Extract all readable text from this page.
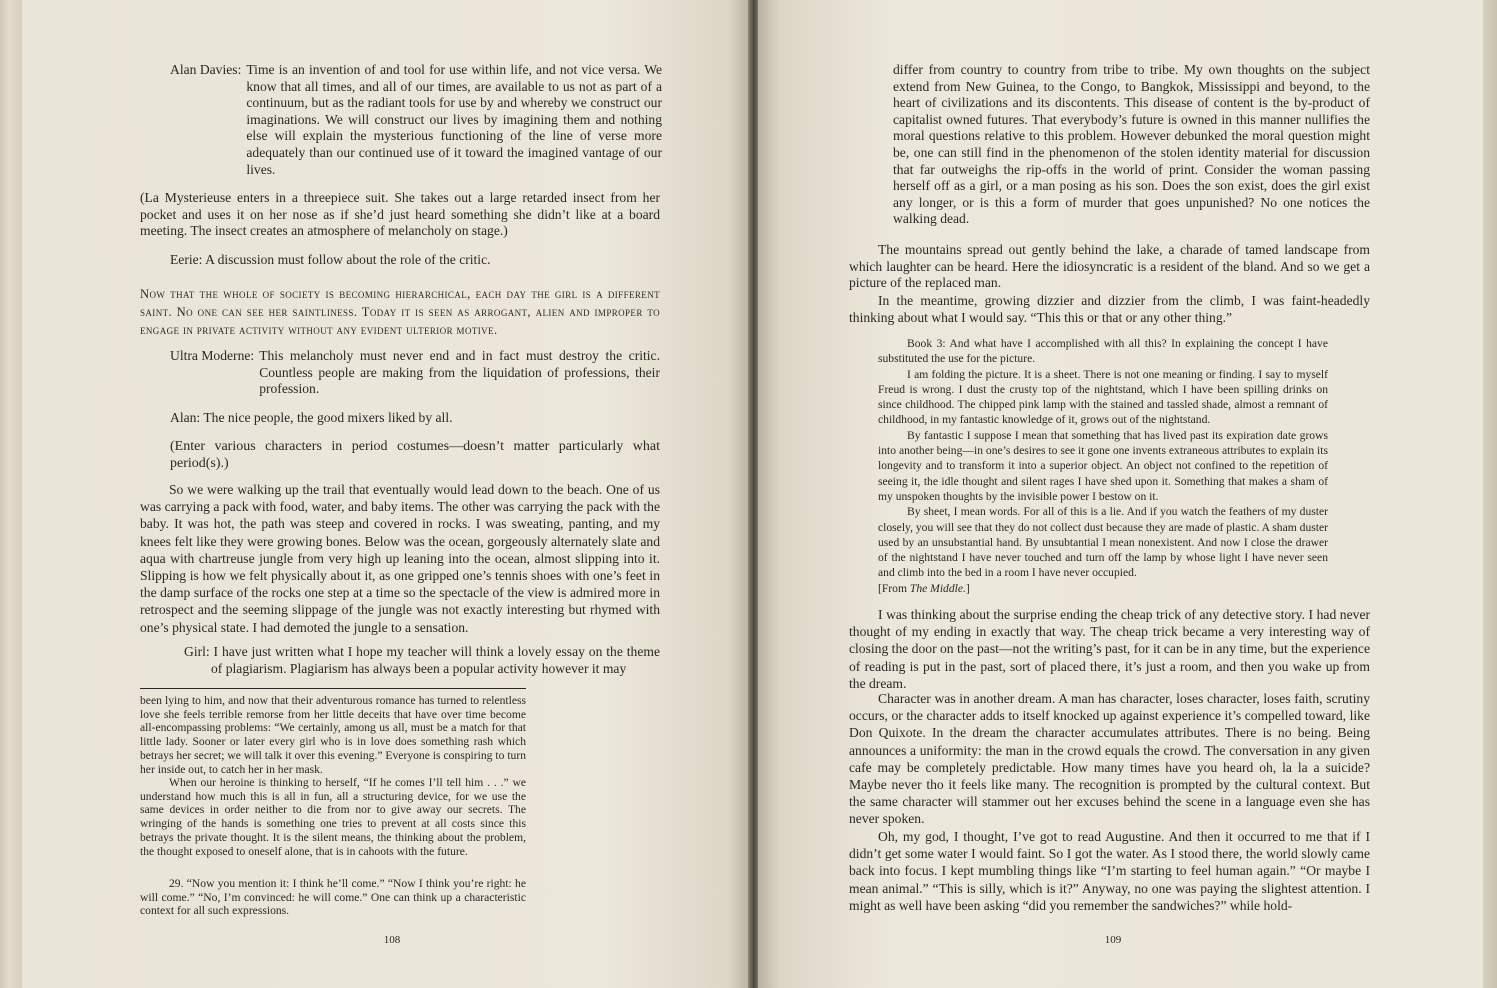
Alan Davies: Time is an invention of and tool for use within life, and not vice versa. We know that all times, and all of our times, are available to us not as part of a continuum, but as the radiant tools for use by and whereby we construct our imaginations. We will construct our lives by imagining them and nothing else will explain the mysterious functioning of the line of verse more adequately than our continued use of it toward the imagined vantage of our lives.

(La Mysterieuse enters in a threepiece suit. She takes out a large retarded insect from her pocket and uses it on her nose as if she’d just heard something she didn’t like at a board meeting. The insect creates an atmosphere of melancholy on stage.)

Eerie: A discussion must follow about the role of the critic.

Now that the whole of society is becoming hierarchical, each day the girl is a different saint. No one can see her saintliness. Today it is seen as arrogant, alien and improper to engage in private activity without any evident ulterior motive.

Ultra Moderne: This melancholy must never end and in fact must destroy the critic. Countless people are making from the liquidation of professions, their profession.

Alan: The nice people, the good mixers liked by all.

(Enter various characters in period costumes—doesn’t matter particularly what period(s).)

So we were walking up the trail that eventually would lead down to the beach. One of us was carrying a pack with food, water, and baby items. The other was carrying the pack with the baby. It was hot, the path was steep and covered in rocks. I was sweating, panting, and my knees felt like they were growing bones. Below was the ocean, gorgeously alternately slate and aqua with chartreuse jungle from very high up leaning into the ocean, almost slipping into it. Slipping is how we felt physically about it, as one gripped one’s tennis shoes with one’s feet in the damp surface of the rocks one step at a time so the spectacle of the view is admired more in retrospect and the seeming slippage of the jungle was not exactly interesting but rhymed with one’s physical state. I had demoted the jungle to a sensation.

Girl: I have just written what I hope my teacher will think a lovely essay on the theme of plagiarism. Plagiarism has always been a popular activity however it may

been lying to him, and now that their adventurous romance has turned to relentless love she feels terrible remorse from her little deceits that have over time become all-encompassing problems: “We certainly, among us all, must be a match for that little lady. Sooner or later every girl who is in love does something rash which betrays her secret; we will talk it over this evening.” Everyone is conspiring to turn her inside out, to catch her in her mask.

When our heroine is thinking to herself, “If he comes I’ll tell him . . .” we understand how much this is all in fun, all a structuring device, for we use the same devices in order neither to die from nor to give away our secrets. The wringing of the hands is something one tries to prevent at all costs since this betrays the private thought. It is the silent means, the thinking about the problem, the thought exposed to oneself alone, that is in cahoots with the future.

29. “Now you mention it: I think he’ll come.” “Now I think you’re right: he will come.” “No, I’m convinced: he will come.” One can think up a characteristic context for all such expressions.

108

differ from country to country from tribe to tribe. My own thoughts on the subject extend from New Guinea, to the Congo, to Bangkok, Mississippi and beyond, to the heart of civilizations and its discontents. This disease of content is the by-product of capitalist owned futures. That everybody’s future is owned in this manner nullifies the moral questions relative to this problem. However debunked the moral question might be, one can still find in the phenomenon of the stolen identity material for discussion that far outweighs the rip-offs in the world of print. Consider the woman passing herself off as a girl, or a man posing as his son. Does the son exist, does the girl exist any longer, or is this a form of murder that goes unpunished? No one notices the walking dead.

The mountains spread out gently behind the lake, a charade of tamed landscape from which laughter can be heard. Here the idiosyncratic is a resident of the bland. And so we get a picture of the replaced man.

In the meantime, growing dizzier and dizzier from the climb, I was faint-headedly thinking about what I would say. “This this or that or any other thing.”

Book 3: And what have I accomplished with all this? In explaining the concept I have substituted the use for the picture.

I am folding the picture. It is a sheet. There is not one meaning or finding. I say to myself Freud is wrong. I dust the crusty top of the nightstand, which I have been spilling drinks on since childhood. The chipped pink lamp with the stained and tassled shade, almost a remnant of childhood, in my fantastic knowledge of it, grows out of the nightstand.

By fantastic I suppose I mean that something that has lived past its expiration date grows into another being—in one’s desires to see it gone one invents extraneous attributes to explain its longevity and to transform it into a superior object. An object not confined to the repetition of seeing it, the idle thought and silent rages I have shed upon it. Something that makes a sham of my unspoken thoughts by the invisible power I bestow on it.

By sheet, I mean words. For all of this is a lie. And if you watch the feathers of my duster closely, you will see that they do not collect dust because they are made of plastic. A sham duster used by an unsubstantial hand. By unsubtantial I mean nonexistent. And now I close the drawer of the nightstand I have never touched and turn off the lamp by whose light I have never seen and climb into the bed in a room I have never occupied.

[From The Middle.]

I was thinking about the surprise ending the cheap trick of any detective story. I had never thought of my ending in exactly that way. The cheap trick became a very interesting way of closing the door on the past—not the writing’s past, for it can be in any time, but the experience of reading is put in the past, sort of placed there, it’s just a room, and then you wake up from the dream.

Character was in another dream. A man has character, loses character, loses faith, scrutiny occurs, or the character adds to itself knocked up against experience it’s compelled toward, like Don Quixote. In the dream the character accumulates attributes. There is no being. Being announces a uniformity: the man in the crowd equals the crowd. The conversation in any given cafe may be completely predictable. How many times have you heard oh, la la a suicide? Maybe never tho it feels like many. The recognition is prompted by the cultural context. But the same character will stammer out her excuses behind the scene in a language even she has never spoken.

Oh, my god, I thought, I’ve got to read Augustine. And then it occurred to me that if I didn’t get some water I would faint. So I got the water. As I stood there, the world slowly came back into focus. I kept mumbling things like “I’m starting to feel human again.” “Or maybe I mean animal.” “This is silly, which is it?” Anyway, no one was paying the slightest attention. I might as well have been asking “did you remember the sandwiches?” while hold-

109
